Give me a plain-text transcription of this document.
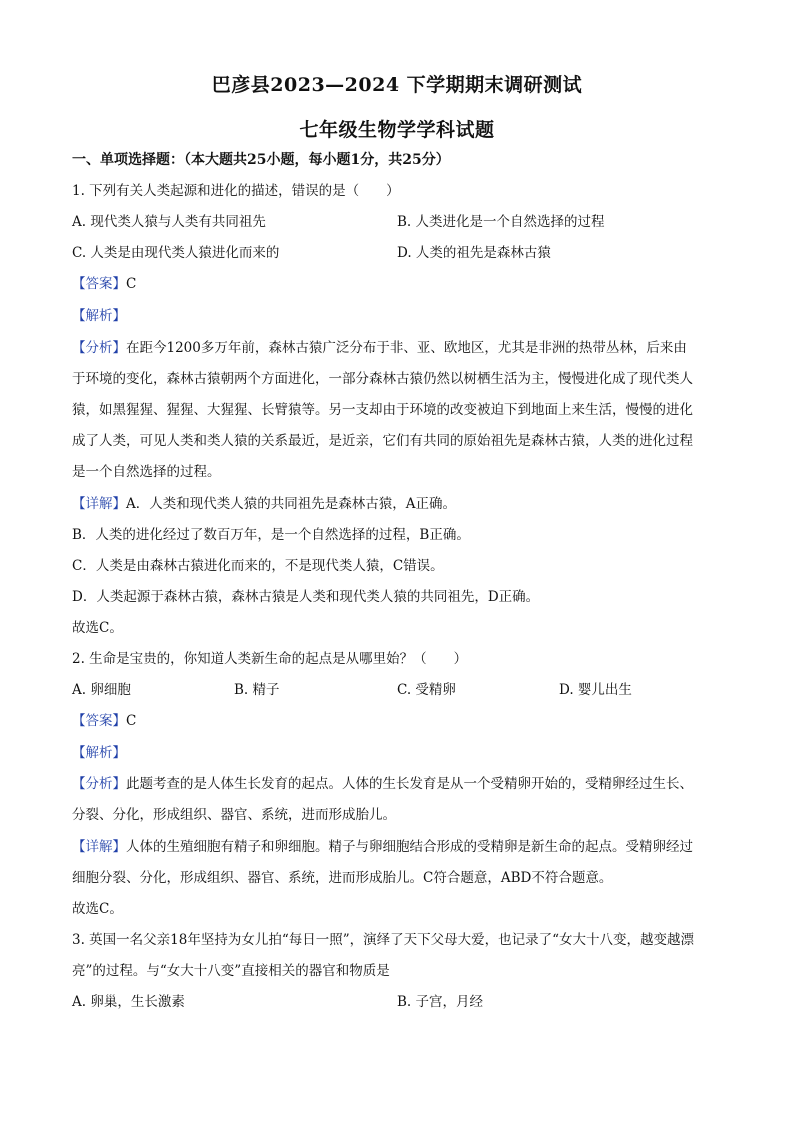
巴彦县2023—2024 下学期期末调研测试
七年级生物学学科试题
一、单项选择题：（本大题共25小题，每小题1分，共25分）
1. 下列有关人类起源和进化的描述，错误的是（　　）
A. 现代类人猿与人类有共同祖先	B. 人类进化是一个自然选择的过程
C. 人类是由现代类人猿进化而来的	D. 人类的祖先是森林古猿
【答案】C
【解析】
【分析】在距今1200多万年前，森林古猿广泛分布于非、亚、欧地区，尤其是非洲的热带丛林，后来由
于环境的变化，森林古猿朝两个方面进化，一部分森林古猿仍然以树栖生活为主，慢慢进化成了现代类人
猿，如黑猩猩、猩猩、大猩猩、长臂猿等。另一支却由于环境的改变被迫下到地面上来生活，慢慢的进化
成了人类，可见人类和类人猿的关系最近，是近亲，它们有共同的原始祖先是森林古猿，人类的进化过程
是一个自然选择的过程。
【详解】A．人类和现代类人猿的共同祖先是森林古猿，A正确。
B．人类的进化经过了数百万年，是一个自然选择的过程，B正确。
C．人类是由森林古猿进化而来的，不是现代类人猿，C错误。
D．人类起源于森林古猿，森林古猿是人类和现代类人猿的共同祖先，D正确。
故选C。
2. 生命是宝贵的，你知道人类新生命的起点是从哪里始？（　　）
A. 卵细胞	B. 精子	C. 受精卵	D. 婴儿出生
【答案】C
【解析】
【分析】此题考查的是人体生长发育的起点。人体的生长发育是从一个受精卵开始的，受精卵经过生长、
分裂、分化，形成组织、器官、系统，进而形成胎儿。
【详解】人体的生殖细胞有精子和卵细胞。精子与卵细胞结合形成的受精卵是新生命的起点。受精卵经过
细胞分裂、分化，形成组织、器官、系统，进而形成胎儿。C符合题意，ABD不符合题意。
故选C。
3. 英国一名父亲18年坚持为女儿拍“每日一照”，演绎了天下父母大爱，也记录了“女大十八变，越变越漂
亮”的过程。与“女大十八变”直接相关的器官和物质是
A. 卵巢，生长激素	B. 子宫，月经
